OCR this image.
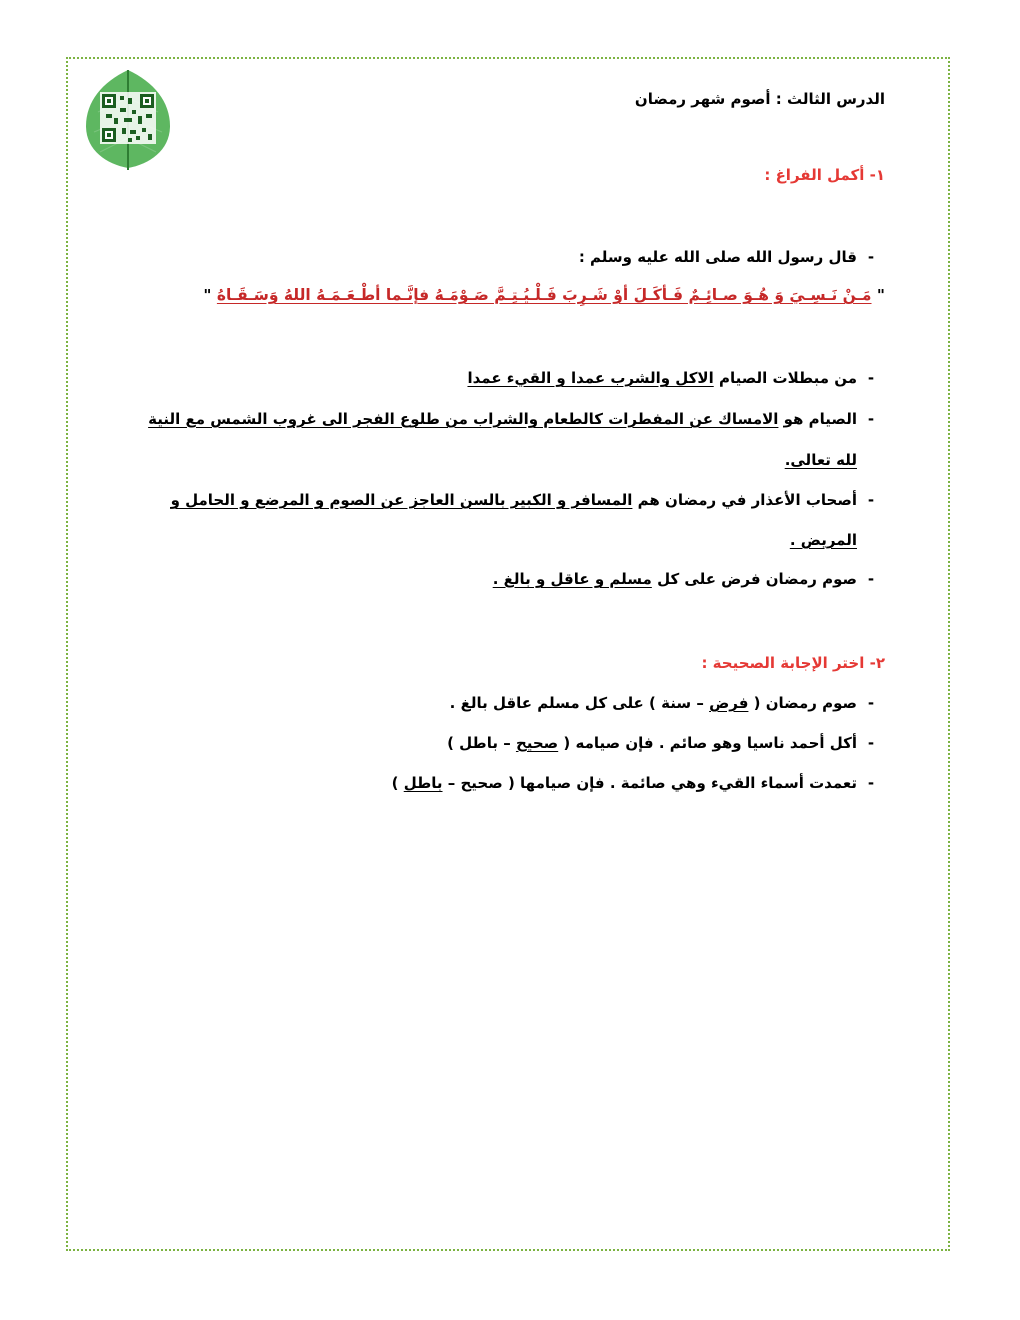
الدرس الثالث : أصوم شهر رمضان
١- أكمل الفراغ :
-قال رسول الله صلى الله عليه وسلم :
" مَـنْ نَـسِـيَ وَ هُـوَ صـائِـمٌ فَـأكَـلَ أوْ شَـرِبَ فَـلْـيُـتِـمَّ صَـوْمَـهُ فإنَّـما أطْـعَـمَـهُ اللهُ وَسَـقَـاهُ "
-من مبطلات الصيام الاكل والشرب عمدا و القيء عمدا
-الصيام هو الامساك عن المفطرات كالطعام والشراب من طلوع الفجر الى غروب الشمس مع النية
لله تعالى.
-أصحاب الأعذار في رمضان هم المسافر و الكبير بالسن العاجز عن الصوم و المرضع و الحامل و
المريض .
-صوم رمضان فرض على كل مسلم و عاقل و بالغ .
٢- اختر الإجابة الصحيحة :
-صوم رمضان ( فرض – سنة ) على كل مسلم عاقل بالغ .
-أكل أحمد ناسيا وهو صائم . فإن صيامه ( صحيح – باطل )
-تعمدت أسماء القيء وهي صائمة . فإن صيامها ( صحيح – باطل )
